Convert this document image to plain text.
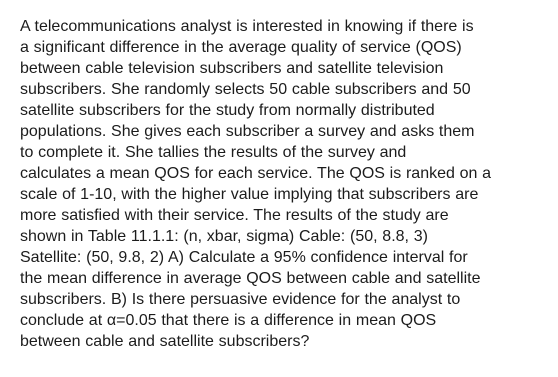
A telecommunications analyst is interested in knowing if there is
a significant difference in the average quality of service (QOS)
between cable television subscribers and satellite television
subscribers. She randomly selects 50 cable subscribers and 50
satellite subscribers for the study from normally distributed
populations. She gives each subscriber a survey and asks them
to complete it. She tallies the results of the survey and
calculates a mean QOS for each service. The QOS is ranked on a
scale of 1-10, with the higher value implying that subscribers are
more satisfied with their service. The results of the study are
shown in Table 11.1.1: (n, xbar, sigma) Cable: (50, 8.8, 3)
Satellite: (50, 9.8, 2) A) Calculate a 95% confidence interval for
the mean difference in average QOS between cable and satellite
subscribers. B) Is there persuasive evidence for the analyst to
conclude at α=0.05 that there is a difference in mean QOS
between cable and satellite subscribers?
